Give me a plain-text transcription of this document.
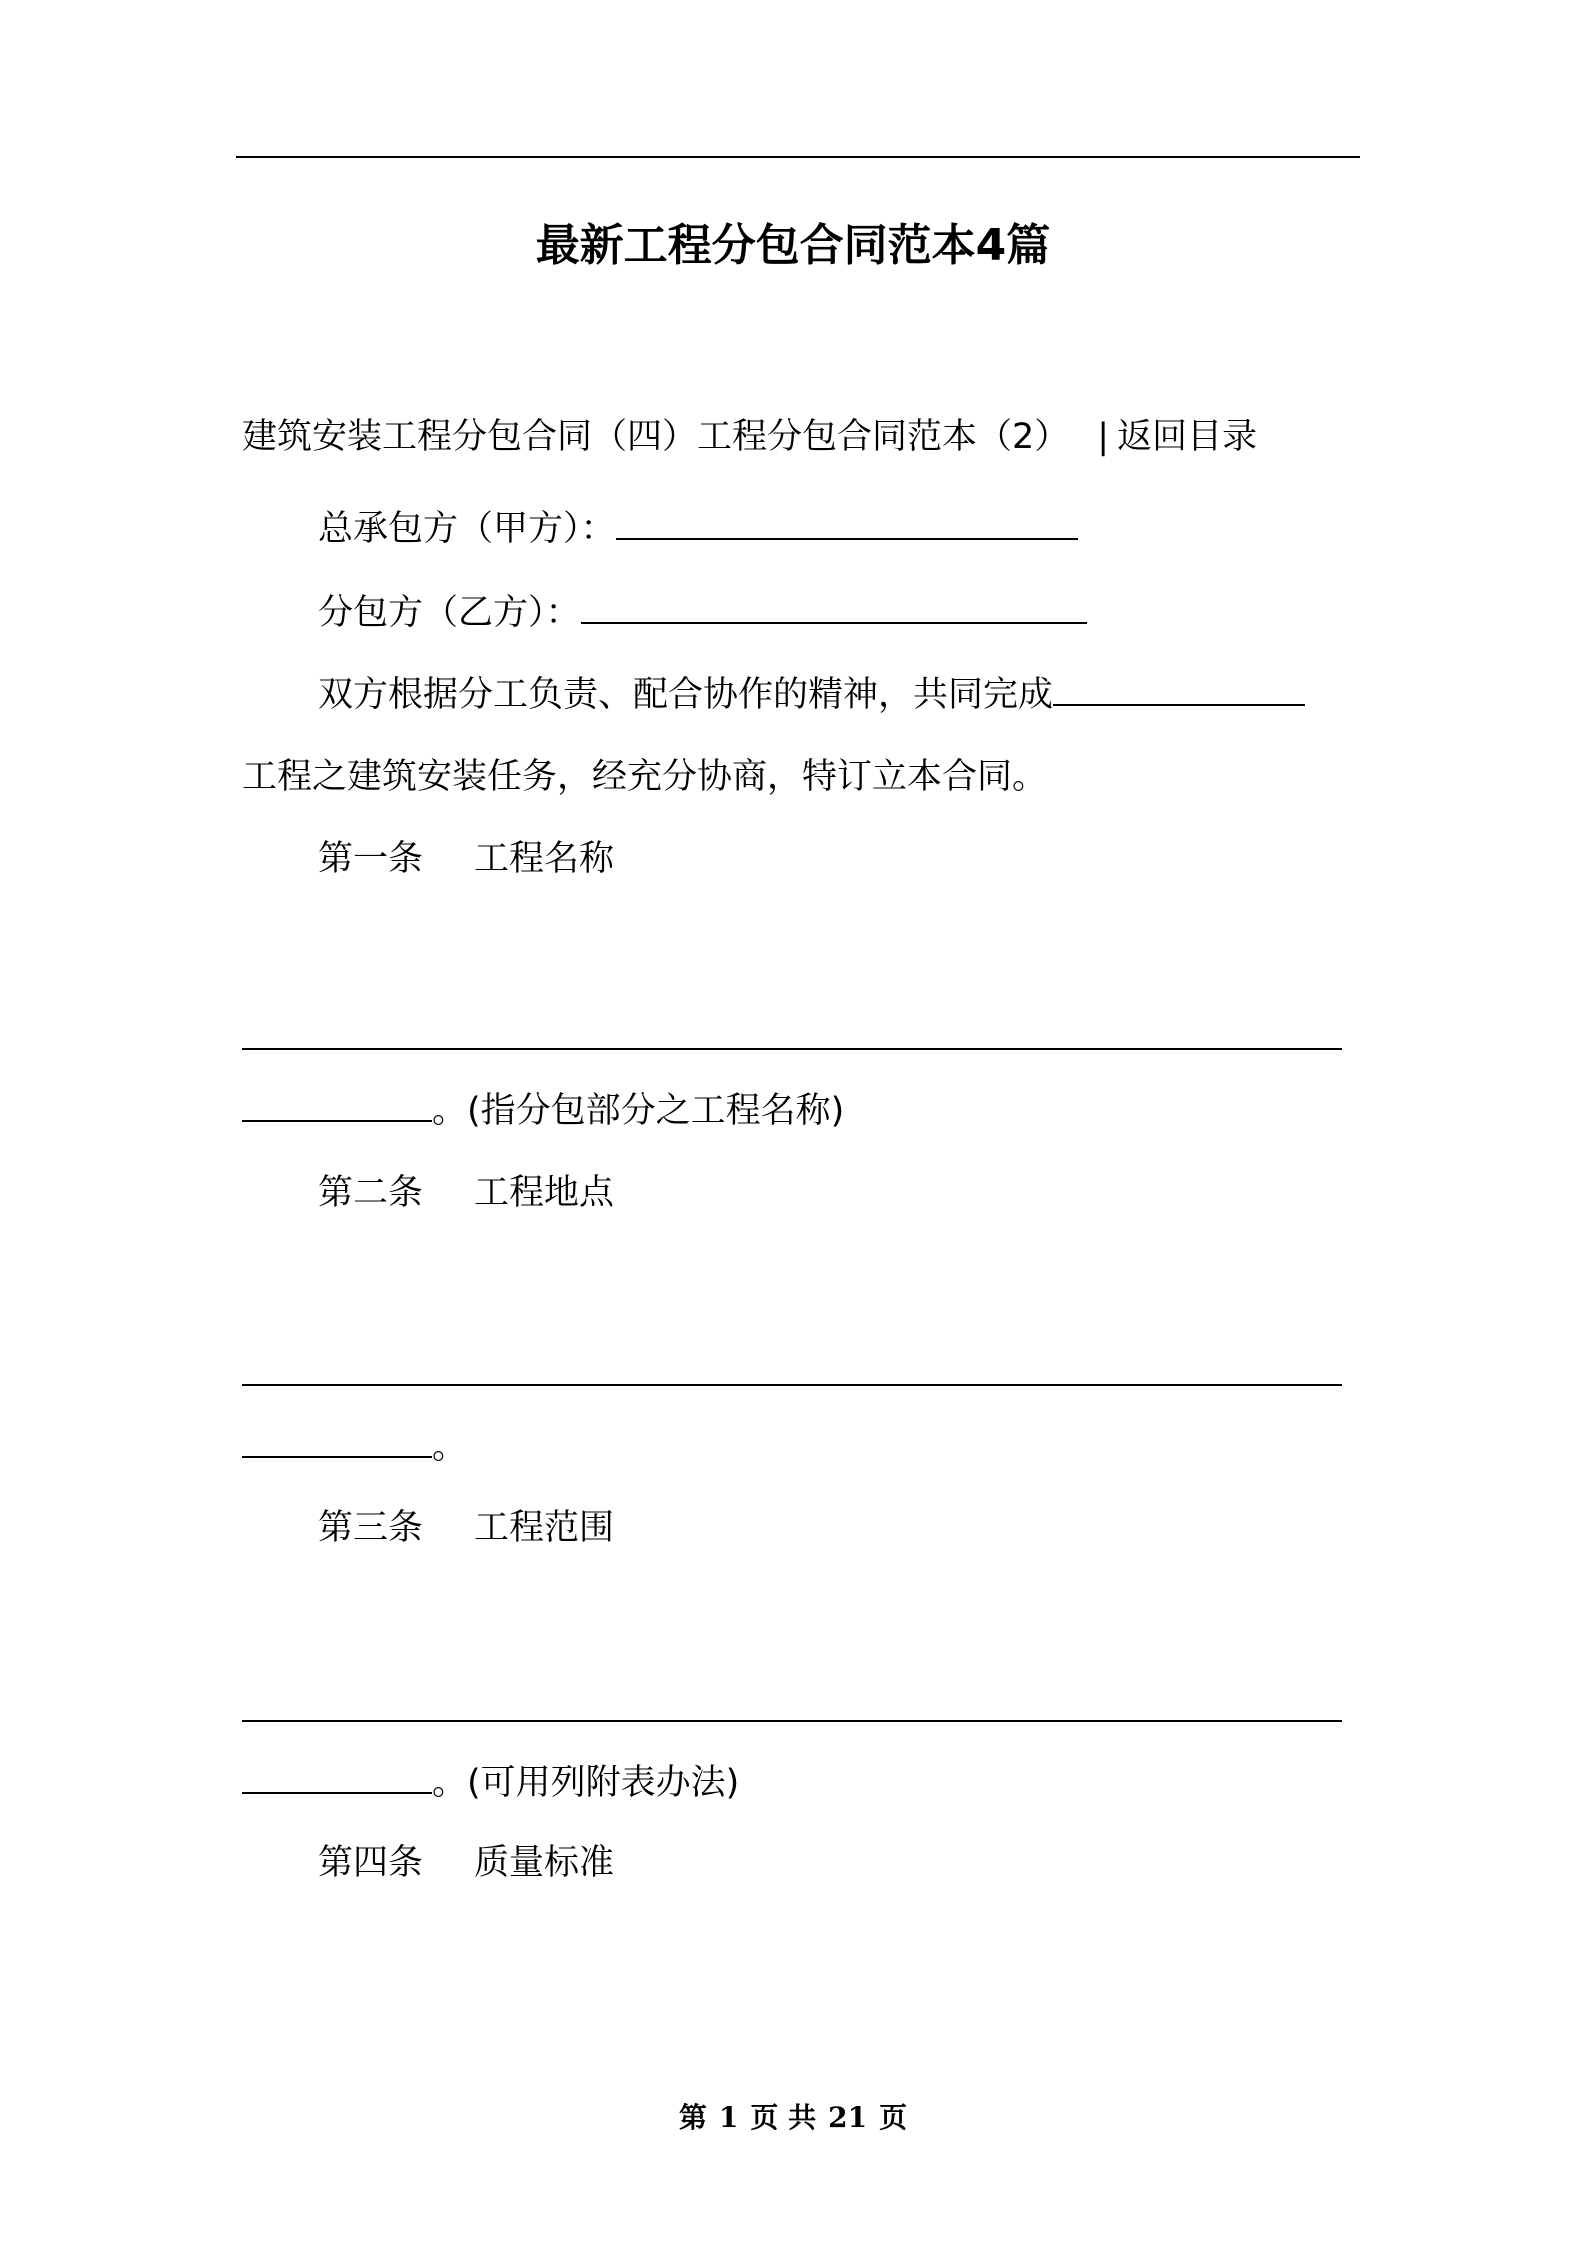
最新工程分包合同范本4篇
建筑安装工程分包合同（四）工程分包合同范本（2） | 返回目录
总承包方（甲方）：
分包方（乙方）：
双方根据分工负责、配合协作的精神，共同完成
工程之建筑安装任务，经充分协商，特订立本合同。
第一条 工程名称
。(指分包部分之工程名称)
第二条 工程地点
。
第三条 工程范围
。(可用列附表办法)
第四条 质量标准
第 1 页 共 21 页
